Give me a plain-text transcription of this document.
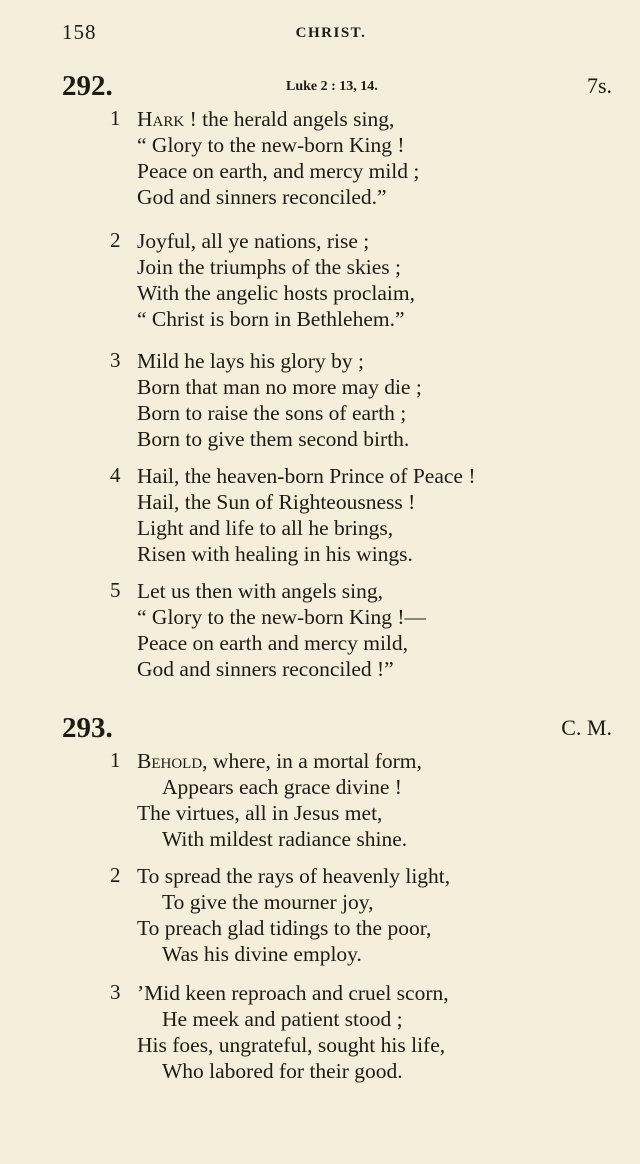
158	CHRIST.
292.	Luke 2 : 13, 14.	7s.
1 Hark ! the herald angels sing,
“ Glory to the new-born King !
Peace on earth, and mercy mild ;
God and sinners reconciled.”
2 Joyful, all ye nations, rise ;
Join the triumphs of the skies ;
With the angelic hosts proclaim,
“ Christ is born in Bethlehem.”
3 Mild he lays his glory by ;
Born that man no more may die ;
Born to raise the sons of earth ;
Born to give them second birth.
4 Hail, the heaven-born Prince of Peace !
Hail, the Sun of Righteousness !
Light and life to all he brings,
Risen with healing in his wings.
5 Let us then with angels sing,
“ Glory to the new-born King !—
Peace on earth and mercy mild,
God and sinners reconciled !”
293.	C. M.
1 Behold, where, in a mortal form,
Appears each grace divine !
The virtues, all in Jesus met,
With mildest radiance shine.
2 To spread the rays of heavenly light,
To give the mourner joy,
To preach glad tidings to the poor,
Was his divine employ.
3 ’Mid keen reproach and cruel scorn,
He meek and patient stood ;
His foes, ungrateful, sought his life,
Who labored for their good.
